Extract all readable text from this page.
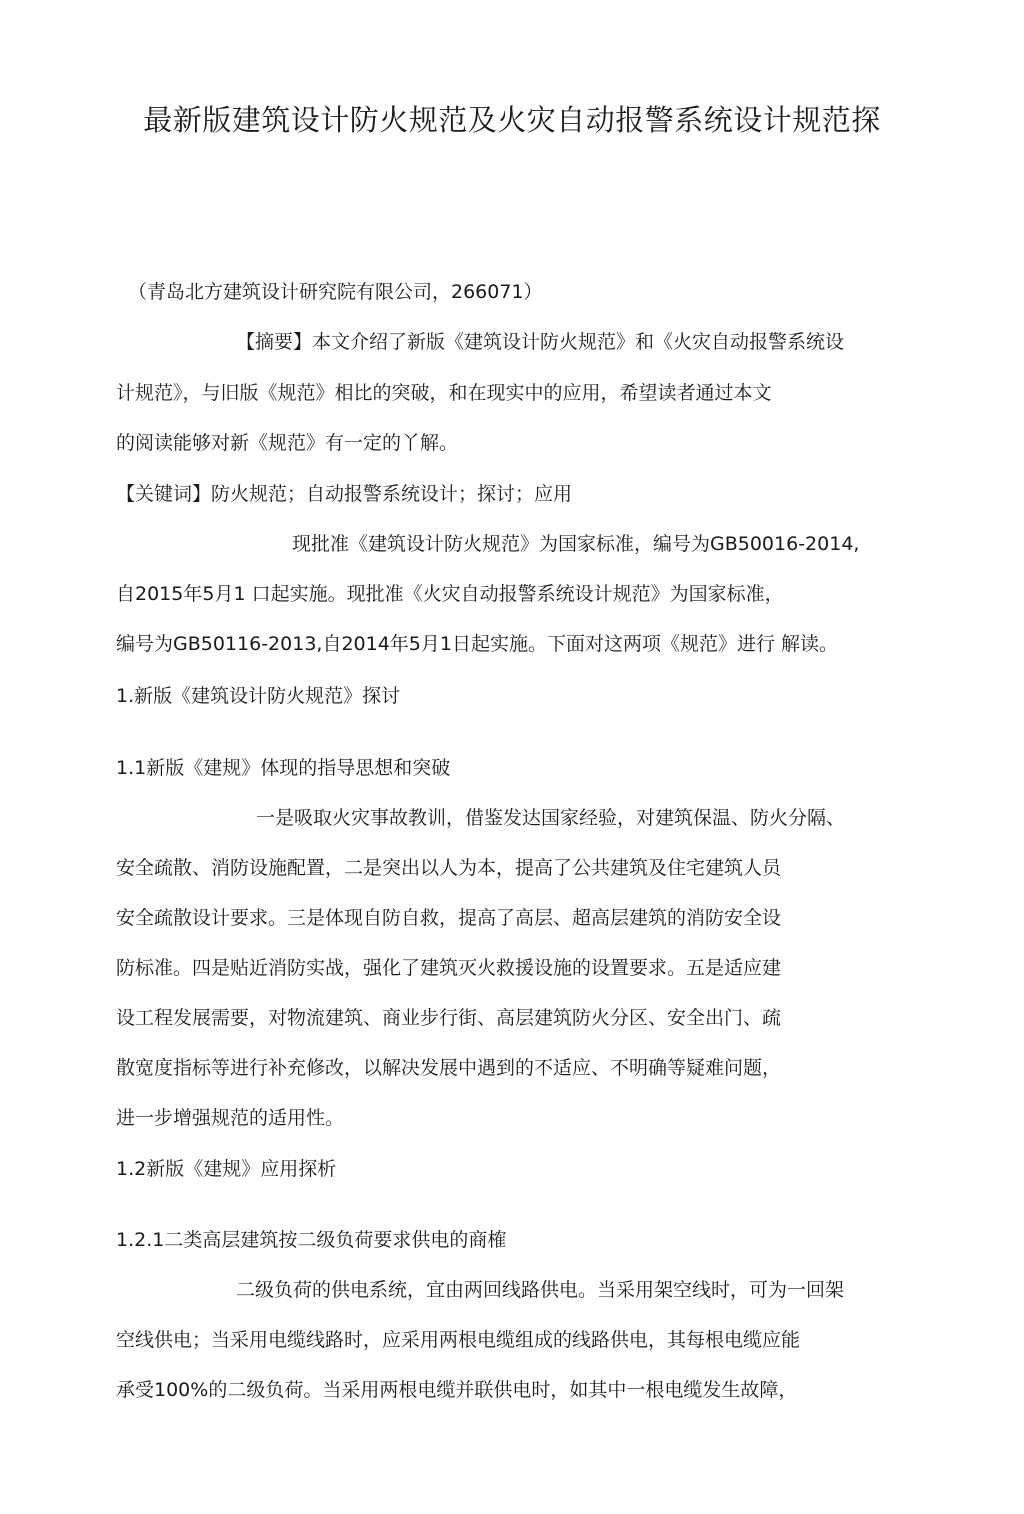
最新版建筑设计防火规范及火灾自动报警系统设计规范探
（青岛北方建筑设计研究院有限公司，266071）
【摘要】本文介绍了新版《建筑设计防火规范》和《火灾自动报警系统设
计规范》，与旧版《规范》相比的突破，和在现实中的应用，希望读者通过本文
的阅读能够对新《规范》有一定的丫解。
【关键词】防火规范；自动报警系统设计；探讨；应用
现批准《建筑设计防火规范》为国家标准，编号为GB50016-2014,
自2015年5月1 口起实施。现批准《火灾自动报警系统设计规范》为国家标准，
编号为GB50116-2013,自2014年5月1日起实施。下面对这两项《规范》进行 解读。
1.新版《建筑设计防火规范》探讨
1.1新版《建规》体现的指导思想和突破
一是吸取火灾事故教训，借鉴发达国家经验，对建筑保温、防火分隔、
安全疏散、消防设施配置，二是突出以人为本，提高了公共建筑及住宅建筑人员
安全疏散设计要求。三是体现自防自救，提高了高层、超高层建筑的消防安全设
防标准。四是贴近消防实战，强化了建筑灭火救援设施的设置要求。五是适应建
设工程发展需要，对物流建筑、商业步行街、高层建筑防火分区、安全出门、疏
散宽度指标等进行补充修改，以解决发展中遇到的不适应、不明确等疑难问题，
进一步增强规范的适用性。
1.2新版《建规》应用探析
1.2.1二类高层建筑按二级负荷要求供电的商榷
二级负荷的供电系统，宜由两回线路供电。当采用架空线时，可为一回架
空线供电；当采用电缆线路时，应采用两根电缆组成的线路供电，其每根电缆应能
承受100%的二级负荷。当采用两根电缆并联供电时，如其中一根电缆发生故障，
